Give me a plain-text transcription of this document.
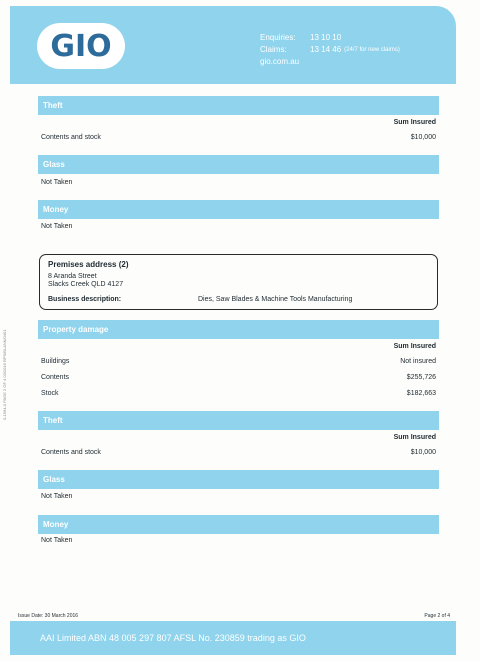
GIO	Enquiries:	13 10 10
Claims:	13 14 46 (24/7 for new claims)
gio.com.au
Theft
Sum Insured
Contents and stock	$10,000
Glass
Not Taken
Money
Not Taken
Premises address (2)
8 Aranda Street
Slacks Creek QLD 4127
Business description:	Dies, Saw Blades & Machine Tools Manufacturing
Property damage
Sum Insured
Buildings	Not insured
Contents	$255,726
Stock	$182,663
Theft
Sum Insured
Contents and stock	$10,000
Glass
Not Taken
Money
Not Taken
Issue Date: 30 March 2016	Page 2 of 4
AAI Limited ABN 48 005 297 807 AFSL No. 230859 trading as GIO
0-1564-0 PAGE 2 OF 4 03/2016 RPS/BLANK/0401
